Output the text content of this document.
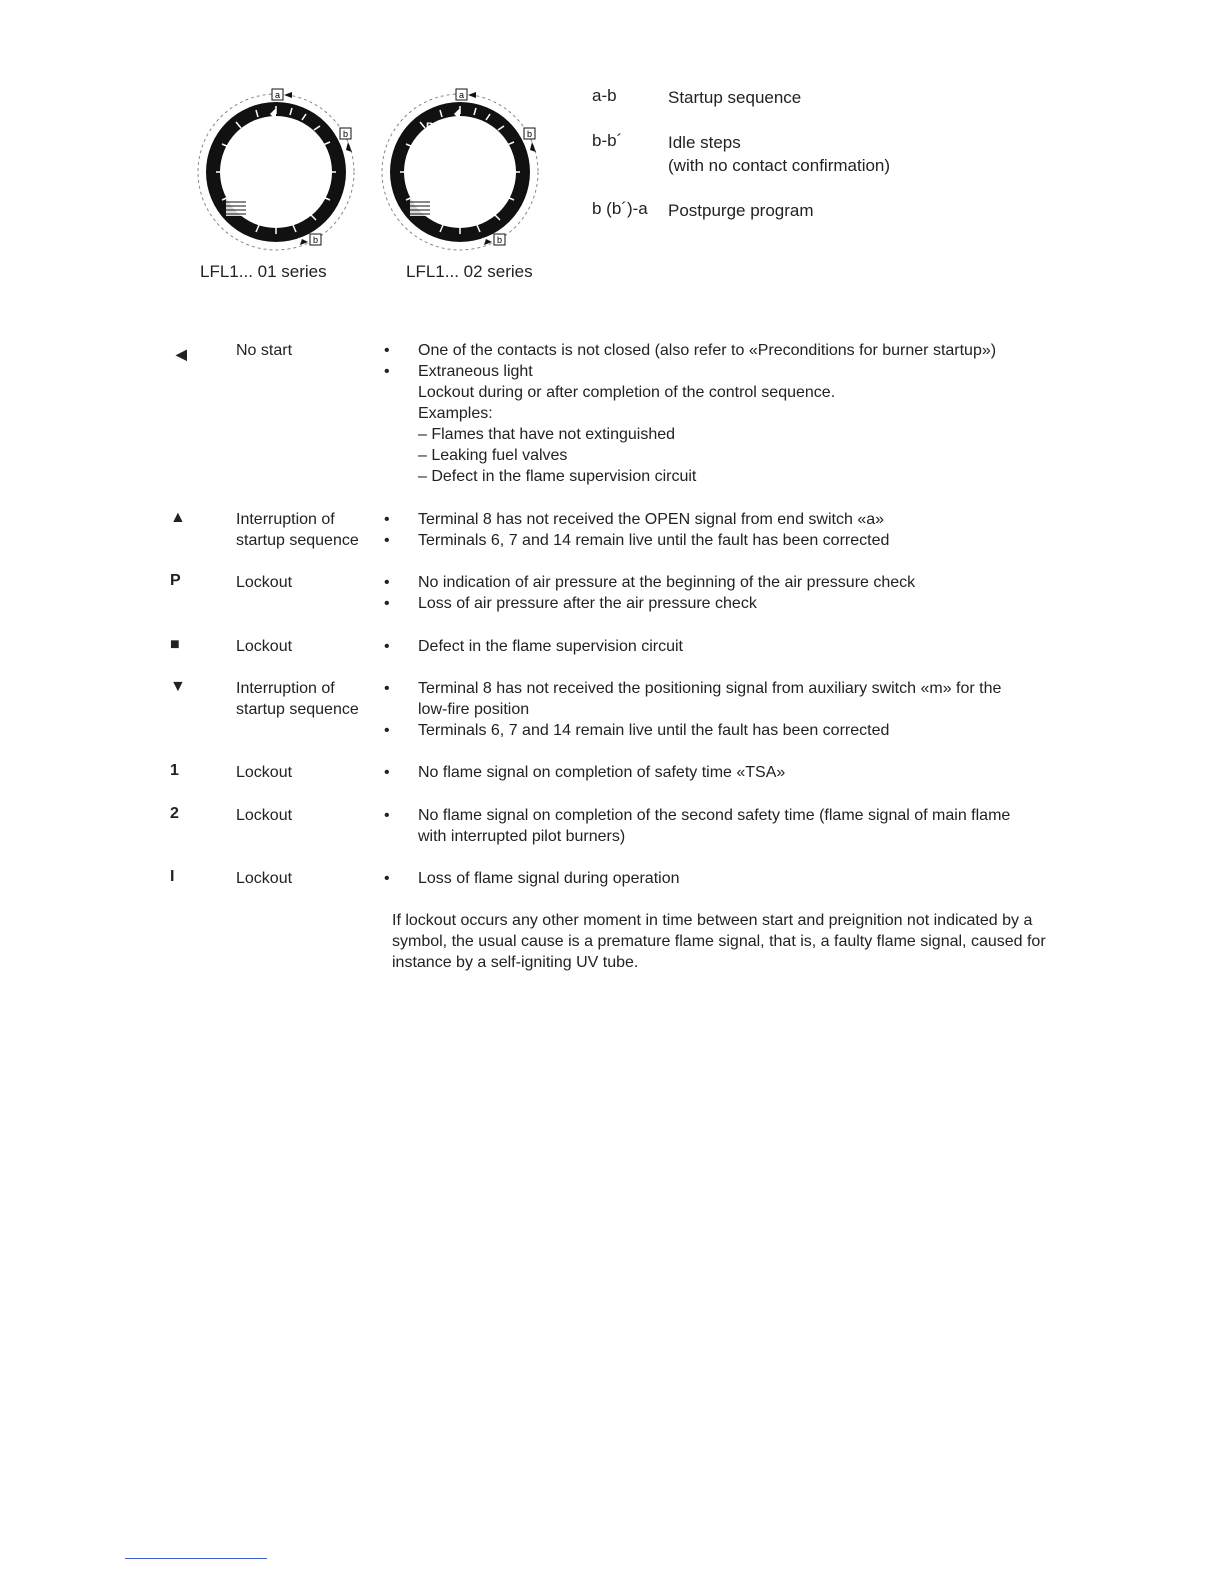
a
b
b
LFL1... 01 series
P
a
b
b
LFL1... 02 series
a-b	Startup sequence
b-b´	Idle steps
(with no contact confirmation)
b (b´)-a Postpurge program
◀	No start	• One of the contacts is not closed (also refer to «Preconditions for burner startup»)
• Extraneous light
Lockout during or after completion of the control sequence.
Examples:
– Flames that have not extinguished
– Leaking fuel valves
– Defect in the flame supervision circuit
▲	Interruption of
startup sequence
• Terminal 8 has not received the OPEN signal from end switch «a»
• Terminals 6, 7 and 14 remain live until the fault has been corrected
P	Lockout	• No indication of air pressure at the beginning of the air pressure check
• Loss of air pressure after the air pressure check
■	Lockout	• Defect in the flame supervision circuit
▼	Interruption of
startup sequence
• Terminal 8 has not received the positioning signal from auxiliary switch «m» for the
low-fire position
• Terminals 6, 7 and 14 remain live until the fault has been corrected
1	Lockout	• No flame signal on completion of safety time «TSA»
2	Lockout	• No flame signal on completion of the second safety time (flame signal of main flame
with interrupted pilot burners)
I	Lockout	• Loss of flame signal during operation
If lockout occurs any other moment in time between start and preignition not indicated by a symbol, the usual cause is a premature flame signal, that is, a faulty flame signal, caused for instance by a self-igniting UV tube.
